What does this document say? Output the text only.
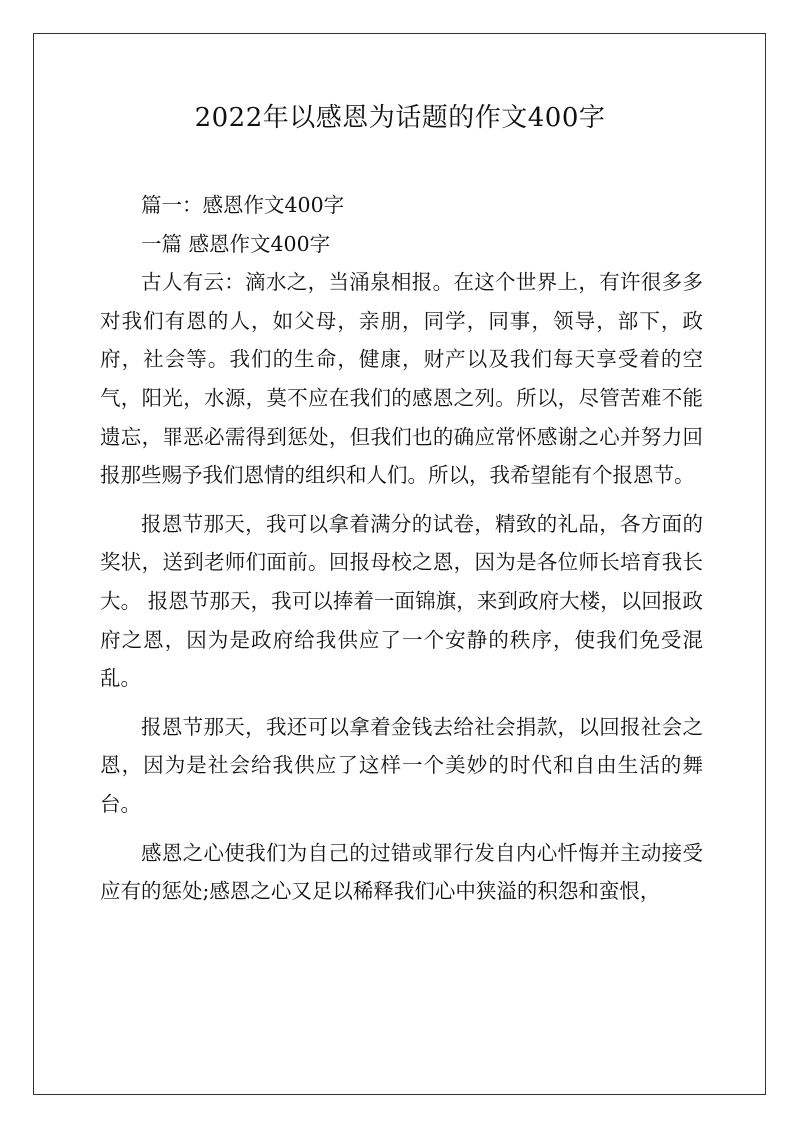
2022年以感恩为话题的作文400字

篇一：感恩作文400字

一篇 感恩作文400字

古人有云：滴水之，当涌泉相报。在这个世界上，有许很多多对我们有恩的人，如父母，亲朋，同学，同事，领导，部下，政府，社会等。我们的生命，健康，财产以及我们每天享受着的空气，阳光，水源，莫不应在我们的感恩之列。所以，尽管苦难不能遗忘，罪恶必需得到惩处，但我们也的确应常怀感谢之心并努力回报那些赐予我们恩情的组织和人们。所以，我希望能有个报恩节。

报恩节那天，我可以拿着满分的试卷，精致的礼品，各方面的奖状，送到老师们面前。回报母校之恩，因为是各位师长培育我长大。 报恩节那天，我可以捧着一面锦旗，来到政府大楼，以回报政府之恩，因为是政府给我供应了一个安静的秩序，使我们免受混乱。

报恩节那天，我还可以拿着金钱去给社会捐款，以回报社会之恩，因为是社会给我供应了这样一个美妙的时代和自由生活的舞台。

感恩之心使我们为自己的过错或罪行发自内心忏悔并主动接受应有的惩处;感恩之心又足以稀释我们心中狭溢的积怨和蛮恨，
